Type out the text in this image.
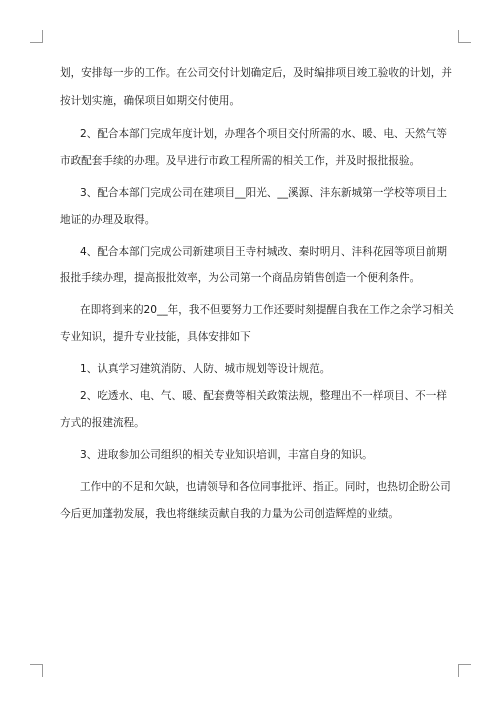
划，安排每一步的工作。在公司交付计划确定后，及时编排项目竣工验收的计划，并
按计划实施，确保项目如期交付使用。
2、配合本部门完成年度计划，办理各个项目交付所需的水、暖、电、天然气等
市政配套手续的办理。及早进行市政工程所需的相关工作，并及时报批报验。
3、配合本部门完成公司在建项目__阳光、__溪源、沣东新城第一学校等项目土
地证的办理及取得。
4、配合本部门完成公司新建项目王寺村城改、秦时明月、沣科花园等项目前期
报批手续办理，提高报批效率，为公司第一个商品房销售创造一个便利条件。
在即将到来的20__年，我不但要努力工作还要时刻提醒自我在工作之余学习相关
专业知识，提升专业技能，具体安排如下
1、认真学习建筑消防、人防、城市规划等设计规范。
2、吃透水、电、气、暖、配套费等相关政策法规，整理出不一样项目、不一样
方式的报建流程。
3、进取参加公司组织的相关专业知识培训，丰富自身的知识。
工作中的不足和欠缺，也请领导和各位同事批评、指正。同时，也热切企盼公司
今后更加蓬勃发展，我也将继续贡献自我的力量为公司创造辉煌的业绩。
